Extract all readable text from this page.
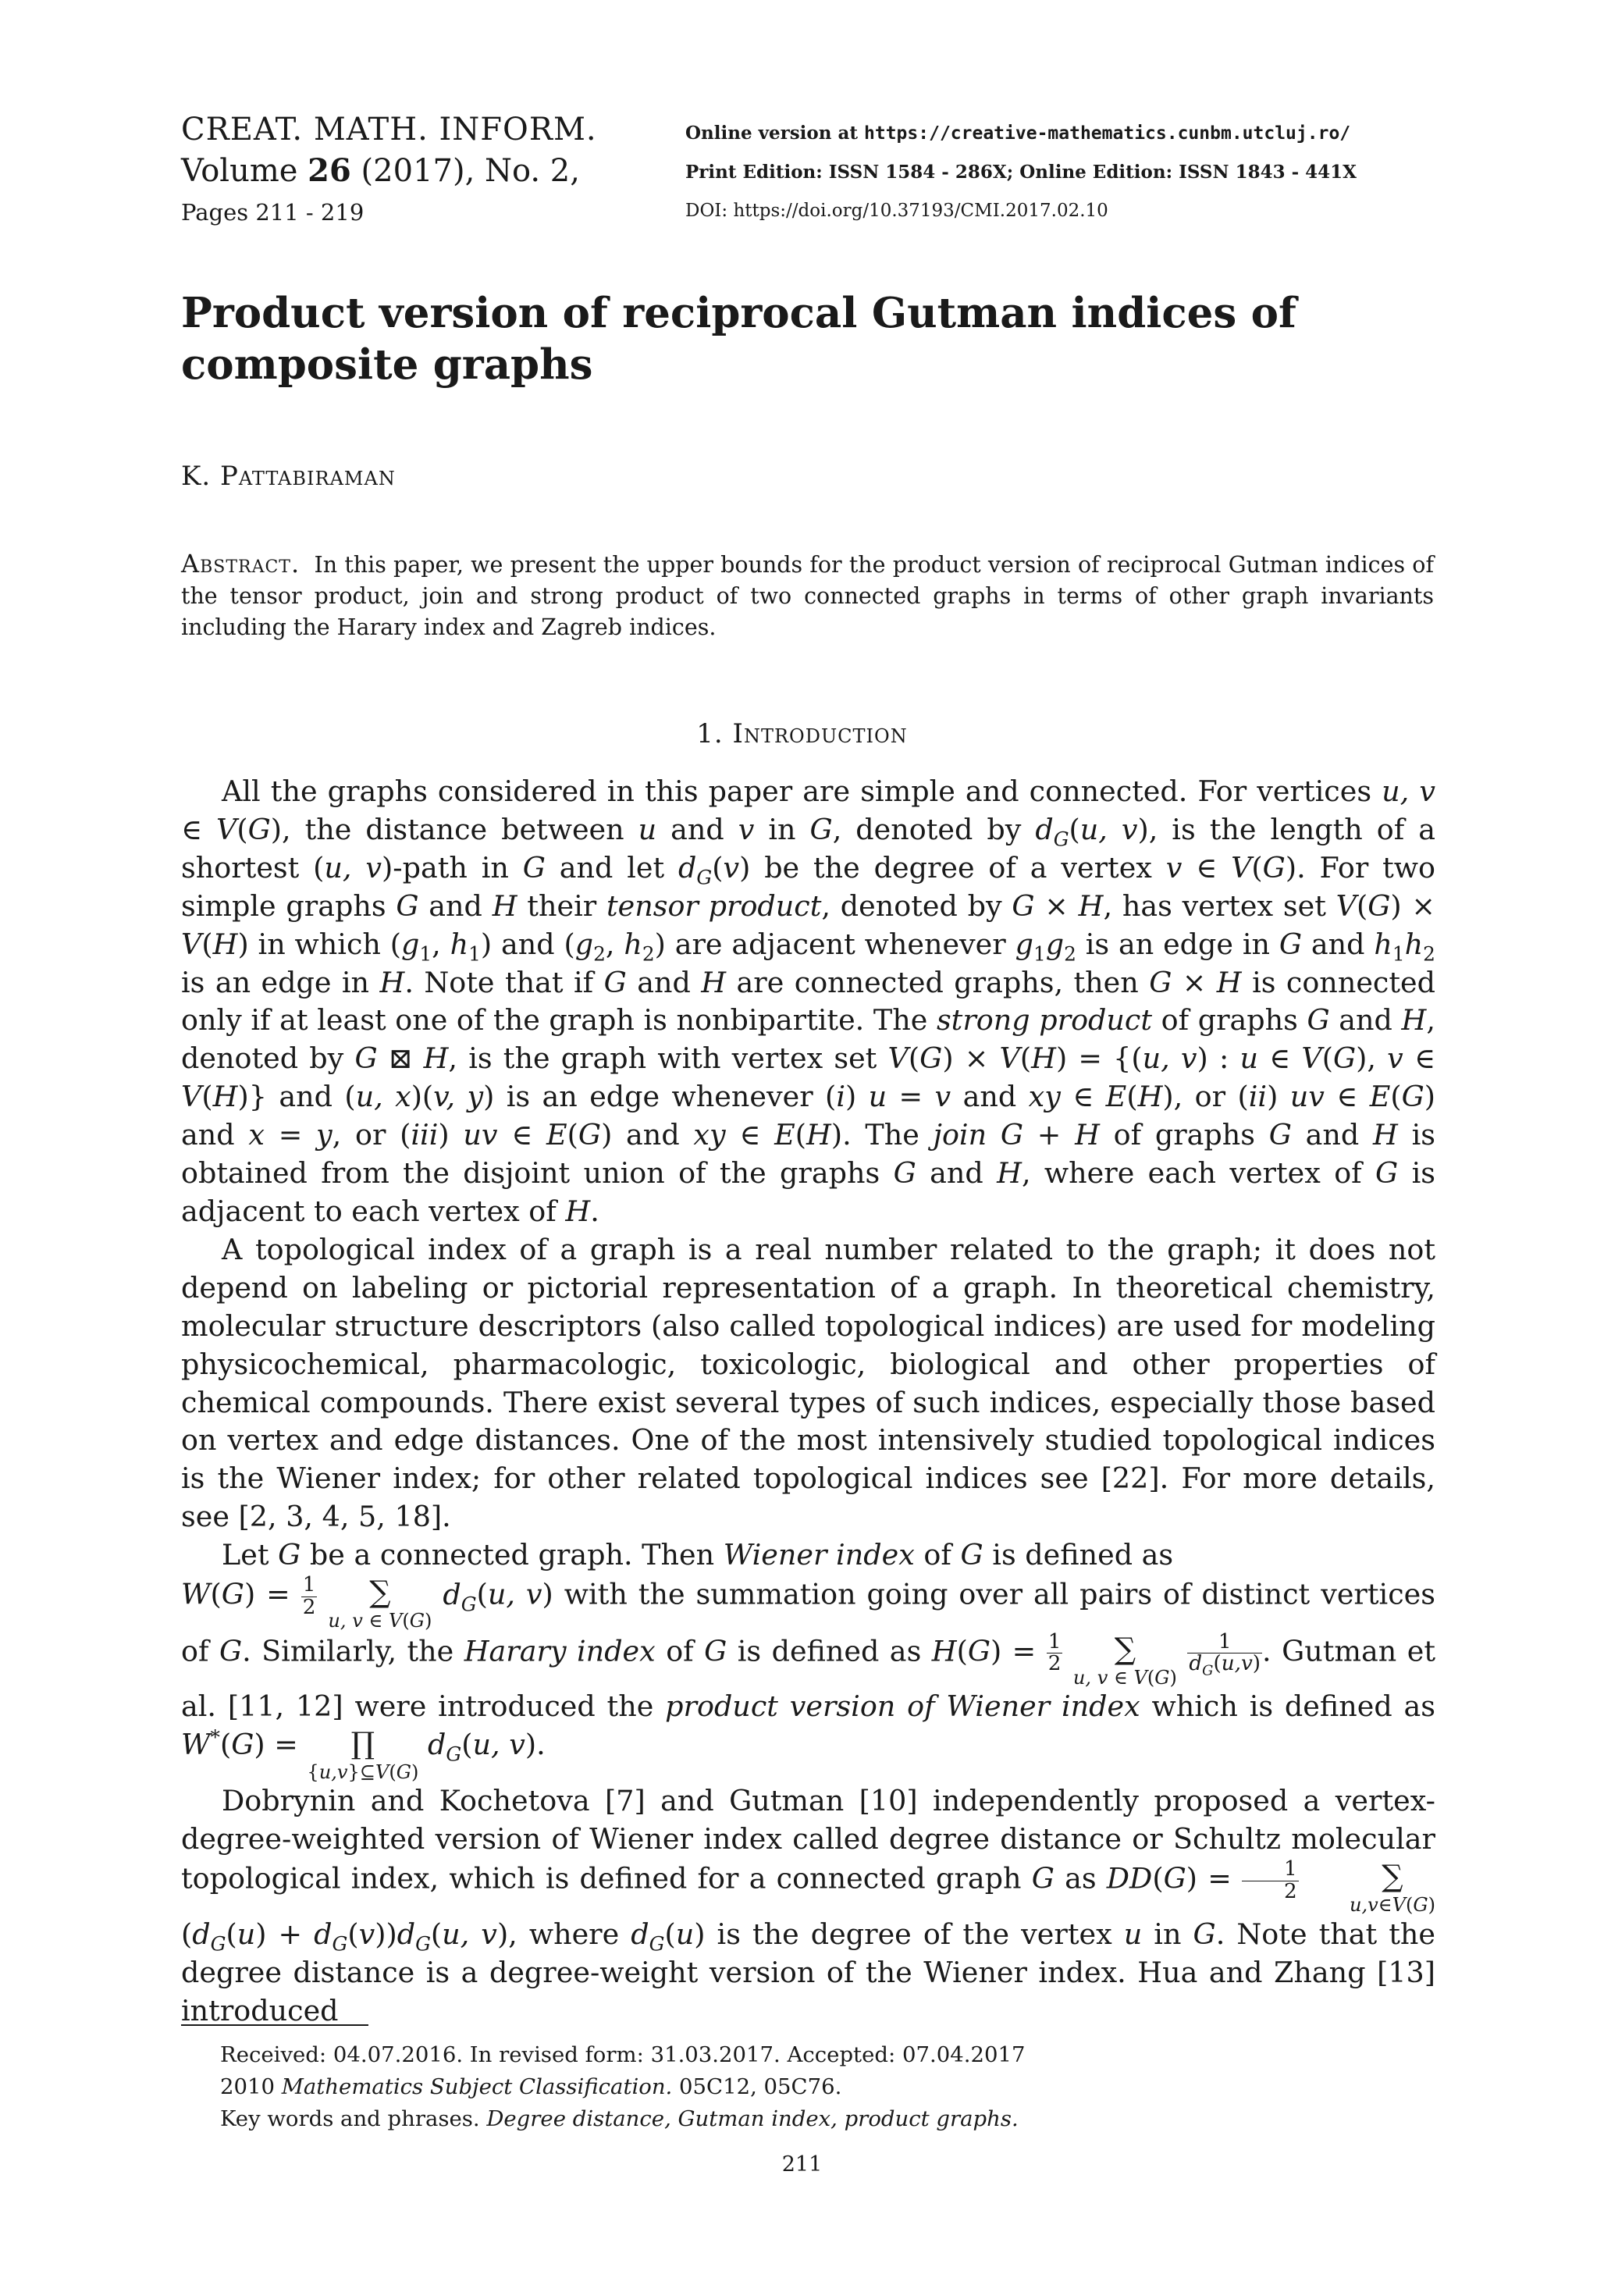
CREAT. MATH. INFORM.
Volume 26 (2017), No. 2,
Pages 211 - 219
Online version at https://creative-mathematics.cunbm.utcluj.ro/
Print Edition: ISSN 1584 - 286X; Online Edition: ISSN 1843 - 441X
DOI: https://doi.org/10.37193/CMI.2017.02.10
Product version of reciprocal Gutman indices of composite graphs
K. Pattabiraman
Abstract. In this paper, we present the upper bounds for the product version of reciprocal Gutman indices of the tensor product, join and strong product of two connected graphs in terms of other graph invariants including the Harary index and Zagreb indices.
1. Introduction

All the graphs considered in this paper are simple and connected. For vertices u, v ∈ V(G), the distance between u and v in G, denoted by $d_G(u$, v), is the length of a shortest (u, v)-path in G and let $d_G(v)$ be the degree of a vertex v ∈ V(G). For two simple graphs G and H their tensor product, denoted by G × H, has vertex set V(G) × V(H) in which ($g_1$, $h_1$) and ($g_2$, $h_2$) are adjacent whenever $g_1g_2$ is an edge in G and $h_1h_2$ is an edge in H. Note that if G and H are connected graphs, then G × H is connected only if at least one of the graph is nonbipartite. The strong product of graphs G and H, denoted by G ⊠ H, is the graph with vertex set V(G) × V(H) = {(u, v) : u ∈ V(G), v ∈ V(H)} and (u, x)(v, y) is an edge whenever (i) u = v and xy ∈ E(H), or (ii) uv ∈ E(G) and x = y, or (iii) uv ∈ E(G) and xy ∈ E(H). The join G + H of graphs G and H is obtained from the disjoint union of the graphs G and H, where each vertex of G is adjacent to each vertex of H.

A topological index of a graph is a real number related to the graph; it does not depend on labeling or pictorial representation of a graph. In theoretical chemistry, molecular structure descriptors (also called topological indices) are used for modeling physicochemical, pharmacologic, toxicologic, biological and other properties of chemical compounds. There exist several types of such indices, especially those based on vertex and edge distances. One of the most intensively studied topological indices is the Wiener index; for other related topological indices see [22]. For more details, see [2, 3, 4, 5, 18].

Let G be a connected graph. Then Wiener index of G is defined as

$W(G) = \frac{1}{2}$
∑
u, v ∈ V(G)
$d_G(u$, v) with the summation going over all pairs of distinct vertices of G. Similarly, the Harary index of G is defined as $H(G) = \frac{1}{2}$
∑
u, v ∈ V(G)

$\frac{1}{d_G(u,v)}$ . Gutman et al. [11, 12] were introduced the product version of Wiener index which is defined as W*(G) = ∏
{u,v}⊆V(G)
$d_G(u$, v).

Dobrynin and Kochetova [7] and Gutman [10] independently proposed a vertex-degree-weighted version of Wiener index called degree distance or Schultz molecular topological index, which is defined for a connected graph G as $DD(G) = \frac{1}{2}$
	∑
u,v∈V(G)
$(d_G(u) + d_G(v))d_G(u$, v), where $d_G(u)$ is the degree of the vertex u in G. Note that the degree distance is a degree-weight version of the Wiener index. Hua and Zhang [13] introduced

Received: 04.07.2016. In revised form: 31.03.2017. Accepted: 07.04.2017
2010 Mathematics Subject Classification. 05C12, 05C76.
Key words and phrases. Degree distance, Gutman index, product graphs.
211
